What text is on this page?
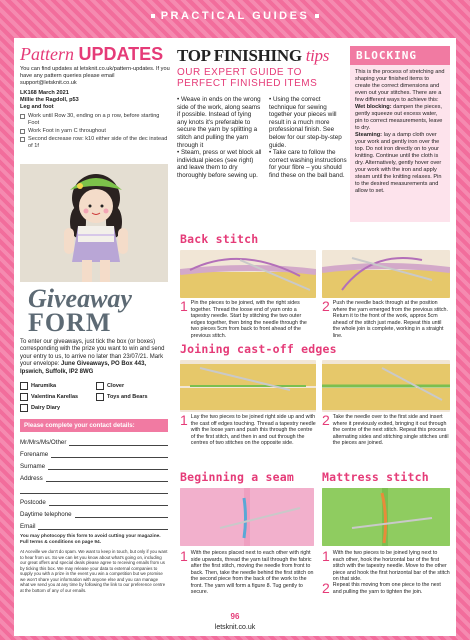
PRACTICAL GUIDES
Pattern UPDATES
You can find updates at letsknit.co.uk/pattern-updates. If you have any pattern queries please email support@letsknit.co.uk
LK168 March 2021
Millie the Ragdoll, p53
Leg and foot
Work until Row 30, ending on a p row, before starting Foot
Work Foot in yarn C throughout
Second decrease row: k10 either side of the dec instead of 1f
Giveaway
FORM
To enter our giveaways, just tick the box (or boxes) corresponding with the prize you want to win and send your entry to us, to arrive no later than 23/07/21. Mark your envelope: June Giveaways, PO Box 443, Ipswich, Suffolk, IP2 8WG
Harumika	Clover
Valentina Karellas	Toys and Bears
Dairy Diary
Please complete your contact details:
Mr/Mrs/Ms/Other
Forename
Surname
Address
Postcode
Daytime telephone
Email
You may photocopy this form to avoid cutting your magazine. Full terms & conditions on page 94.
At Aceville we don't do spam. We want to keep in touch, but only if you want to hear from us. So we can let you know about what's going on, including our great offers and special deals please agree to receiving emails from us by ticking this box. We may release your data to external companies to supply you with a prize in the event you win a competition but we promise we won't share your information with anyone else and you can manage what we send you at any time by following the link to our preference centre at the bottom of any of our emails.
TOP FINISHING tips
OUR EXPERT GUIDE TO PERFECT FINISHED ITEMS

• Weave in ends on the wrong side of the work, along seams if possible. Instead of tying any knots it's preferable to secure the yarn by splitting a stitch and pulling the yarn through it

• Steam, press or wet block all individual pieces (see right) and leave them to dry thoroughly before sewing up.

• Using the correct technique for sewing together your pieces will result in a much more professional finish. See below for our step-by-step guide.

• Take care to follow the correct washing instructions for your fibre – you should find these on the ball band.

BLOCKING
This is the process of stretching and shaping your finished items to create the correct dimensions and even out your stitches. There are a few different ways to achieve this:
Wet blocking: dampen the pieces, gently squeeze out excess water, pin to correct measurements, leave to dry.
Steaming: lay a damp cloth over your work and gently iron over the top. Do not iron directly on to your knitting. Continue until the cloth is dry. Alternatively, gently hover over your work with the iron and apply steam until the knitting relaxes. Pin to the desired measurements and allow to set.
Back stitch
1 Pin the pieces to be joined, with the right sides together. Thread the loose end of yarn onto a tapestry needle. Start by stitching the two outer edges together, then bring the needle through the two pieces 5cm from back to front ahead of the previous stitch.
2 Push the needle back through at the position where the yarn emerged from the previous stitch. Return it to the front of the work, approx 5cm ahead of the stitch just made. Repeat this until the whole join is complete, working in a straight line.
Joining cast-off edges
1 Lay the two pieces to be joined right side up and with the cast off edges touching. Thread a tapestry needle with the loose yarn and push this through the centre of the first stitch, and then in and out through the centres of two stitches on the opposite side.
2 Take the needle over to the first side and insert where it previously exited, bringing it out through the centre of the next stitch. Repeat this process alternating sides and stitching single stitches until the pieces are joined.
Beginning a seam
1 With the pieces placed next to each other with right side upwards, thread the yarn tail through the fabric after the first stitch, moving the needle from front to back. Then, take the needle behind the first stitch on the second piece from the back of the work to the front. The yarn will form a figure 8. Tug gently to secure.
Mattress stitch
1 With the two pieces to be joined lying next to each other, hook the horizontal bar of the first stitch with the tapestry needle. Move to the other piece and hook the first horizontal bar of the stitch on that side.
2 Repeat this moving from one piece to the next and pulling the yarn to tighten the join.
96
letsknit.co.uk
